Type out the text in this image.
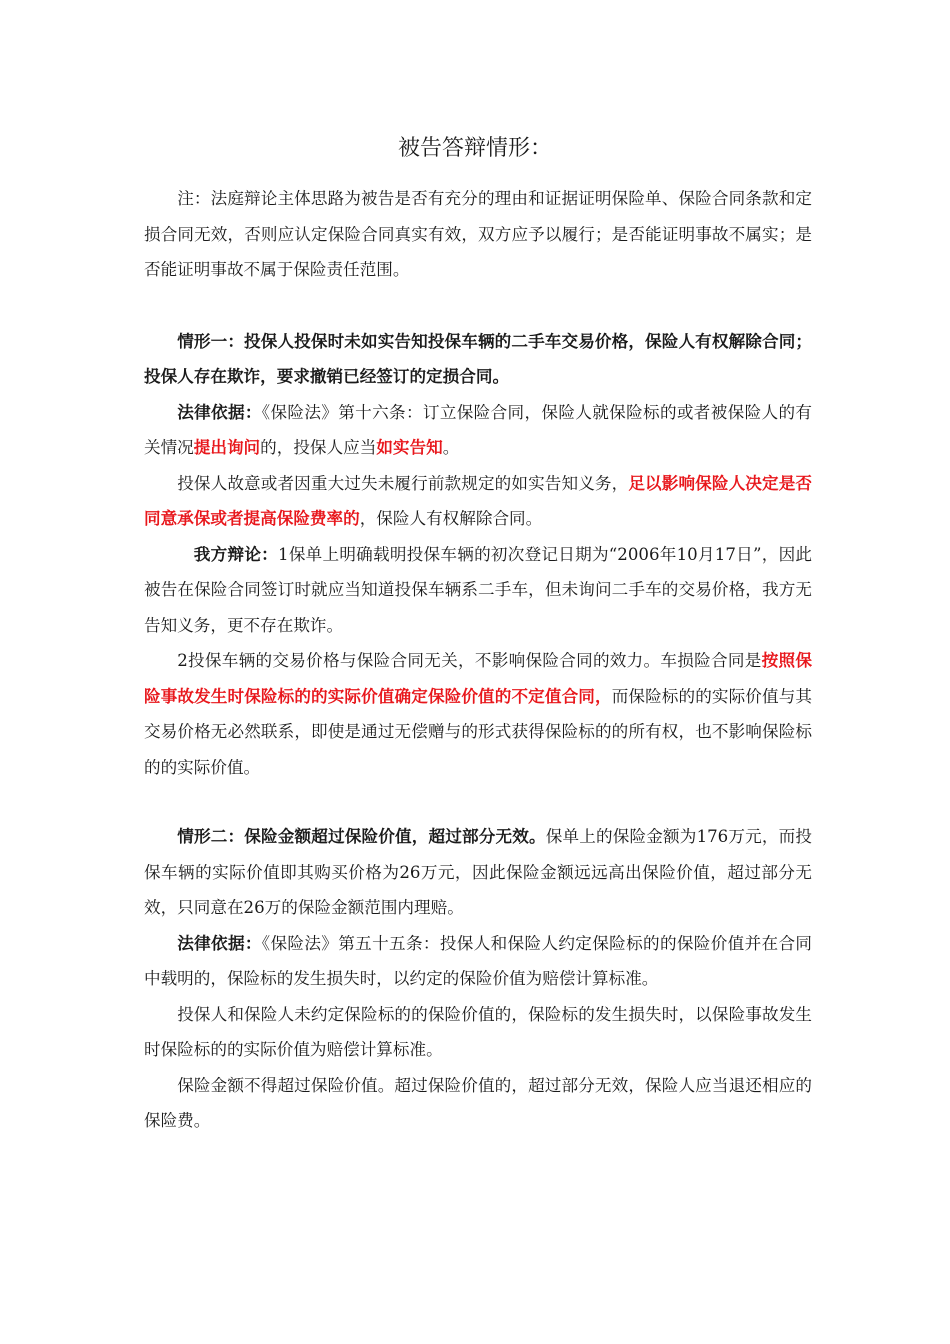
被告答辩情形：

注：法庭辩论主体思路为被告是否有充分的理由和证据证明保险单、保险合同条款和定损合同无效，否则应认定保险合同真实有效，双方应予以履行；是否能证明事故不属实；是否能证明事故不属于保险责任范围。

情形一：投保人投保时未如实告知投保车辆的二手车交易价格，保险人有权解除合同；投保人存在欺诈，要求撤销已经签订的定损合同。

法律依据：《保险法》第十六条：订立保险合同，保险人就保险标的或者被保险人的有关情况提出询问的，投保人应当如实告知。

投保人故意或者因重大过失未履行前款规定的如实告知义务，足以影响保险人决定是否同意承保或者提高保险费率的，保险人有权解除合同。

我方辩论：1保单上明确载明投保车辆的初次登记日期为“2006年10月17日”，因此被告在保险合同签订时就应当知道投保车辆系二手车，但未询问二手车的交易价格，我方无告知义务，更不存在欺诈。

2投保车辆的交易价格与保险合同无关，不影响保险合同的效力。车损险合同是按照保险事故发生时保险标的的实际价值确定保险价值的不定值合同，而保险标的的实际价值与其交易价格无必然联系，即使是通过无偿赠与的形式获得保险标的的所有权，也不影响保险标的的实际价值。

情形二：保险金额超过保险价值，超过部分无效。保单上的保险金额为176万元，而投保车辆的实际价值即其购买价格为26万元，因此保险金额远远高出保险价值，超过部分无效，只同意在26万的保险金额范围内理赔。

法律依据：《保险法》第五十五条：投保人和保险人约定保险标的的保险价值并在合同中载明的，保险标的发生损失时，以约定的保险价值为赔偿计算标准。

投保人和保险人未约定保险标的的保险价值的，保险标的发生损失时，以保险事故发生时保险标的的实际价值为赔偿计算标准。

保险金额不得超过保险价值。超过保险价值的，超过部分无效，保险人应当退还相应的保险费。
